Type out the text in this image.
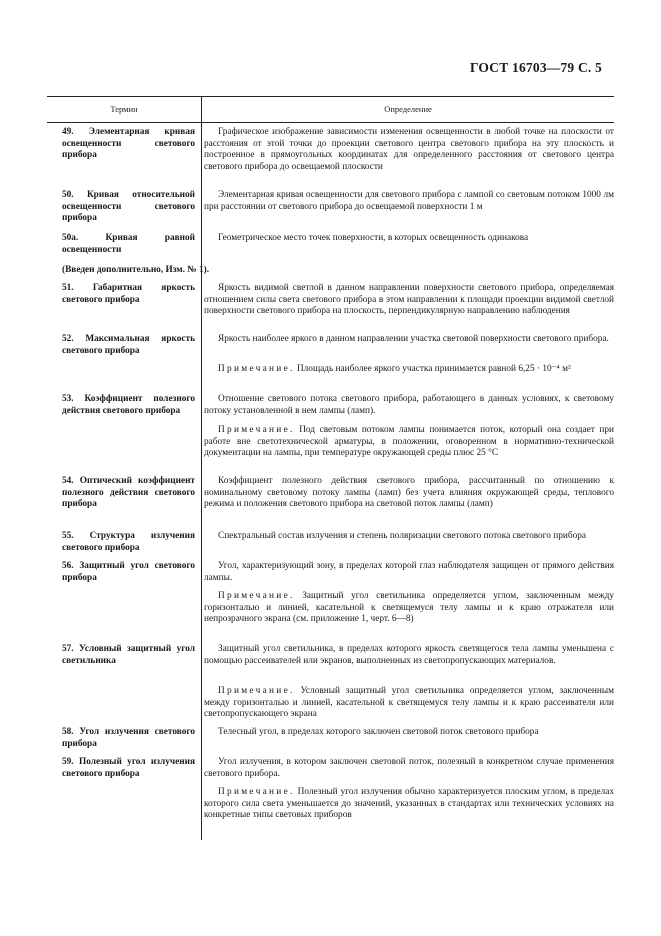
ГОСТ 16703—79 С. 5
Термин	Определение
49. Элементарная кривая освещенности светового прибора
Графическое изображение зависимости изменения освещенности в любой точке на плоскости от расстояния от этой точки до проекции светового центра светового прибора на эту плоскость и построенное в прямоугольных координатах для определенного расстояния от светового центра светового прибора до освещаемой плоскости
50. Кривая относительной освещенности светового прибора
Элементарная кривая освещенности для светового прибора с лампой со световым потоком 1000 лм при расстоянии от светового прибора до освещаемой поверхности 1 м
50а. Кривая равной освещенности
Геометрическое место точек поверхности, в которых освещенность одинакова
(Введен дополнительно, Изм. № 1).
51. Габаритная яркость светового прибора
Яркость видимой светлой в данном направлении поверхности светового прибора, определяемая отношением силы света светового прибора в этом направлении к площади проекции видимой светлой поверхности светового прибора на плоскость, перпендикулярную направлению наблюдения
52. Максимальная яркость светового прибора
Яркость наиболее яркого в данном направлении участка световой поверхности светового прибора.
Примечание. Площадь наиболее яркого участка принимается равной 6,25 · 10⁻⁴ м²
53. Коэффициент полезного действия светового прибора
Отношение светового потока светового прибора, работающего в данных условиях, к световому потоку установленной в нем лампы (ламп).
Примечание. Под световым потоком лампы понимается поток, который она создает при работе вне светотехнической арматуры, в положении, оговоренном в нормативно-технической документации на лампы, при температуре окружающей среды плюс 25 °С
54. Оптический коэффициент полезного действия светового прибора
Коэффициент полезного действия светового прибора, рассчитанный по отношению к номинальному световому потоку лампы (ламп) без учета влияния окружающей среды, теплового режима и положения светового прибора на световой поток лампы (ламп)
55. Структура излучения светового прибора
Спектральный состав излучения и степень поляризации светового потока светового прибора
56. Защитный угол светового прибора
Угол, характеризующий зону, в пределах которой глаз наблюдателя защищен от прямого действия лампы.
Примечание. Защитный угол светильника определяется углом, заключенным между горизонталью и линией, касательной к светящемуся телу лампы и к краю отражателя или непрозрачного экрана (см. приложение 1, черт. 6—8)
57. Условный защитный угол светильника
Защитный угол светильника, в пределах которого яркость светящегося тела лампы уменьшена с помощью рассеивателей или экранов, выполненных из светопропускающих материалов.
Примечание. Условный защитный угол светильника определяется углом, заключенным между горизонталью и линией, касательной к светящемуся телу лампы и к краю рассеивателя или светопропускающего экрана
58. Угол излучения светового прибора
Телесный угол, в пределах которого заключен световой поток светового прибора
59. Полезный угол излучения светового прибора
Угол излучения, в котором заключен световой поток, полезный в конкретном случае применения светового прибора.
Примечание. Полезный угол излучения обычно характеризуется плоским углом, в пределах которого сила света уменьшается до значений, указанных в стандартах или технических условиях на конкретные типы световых приборов
